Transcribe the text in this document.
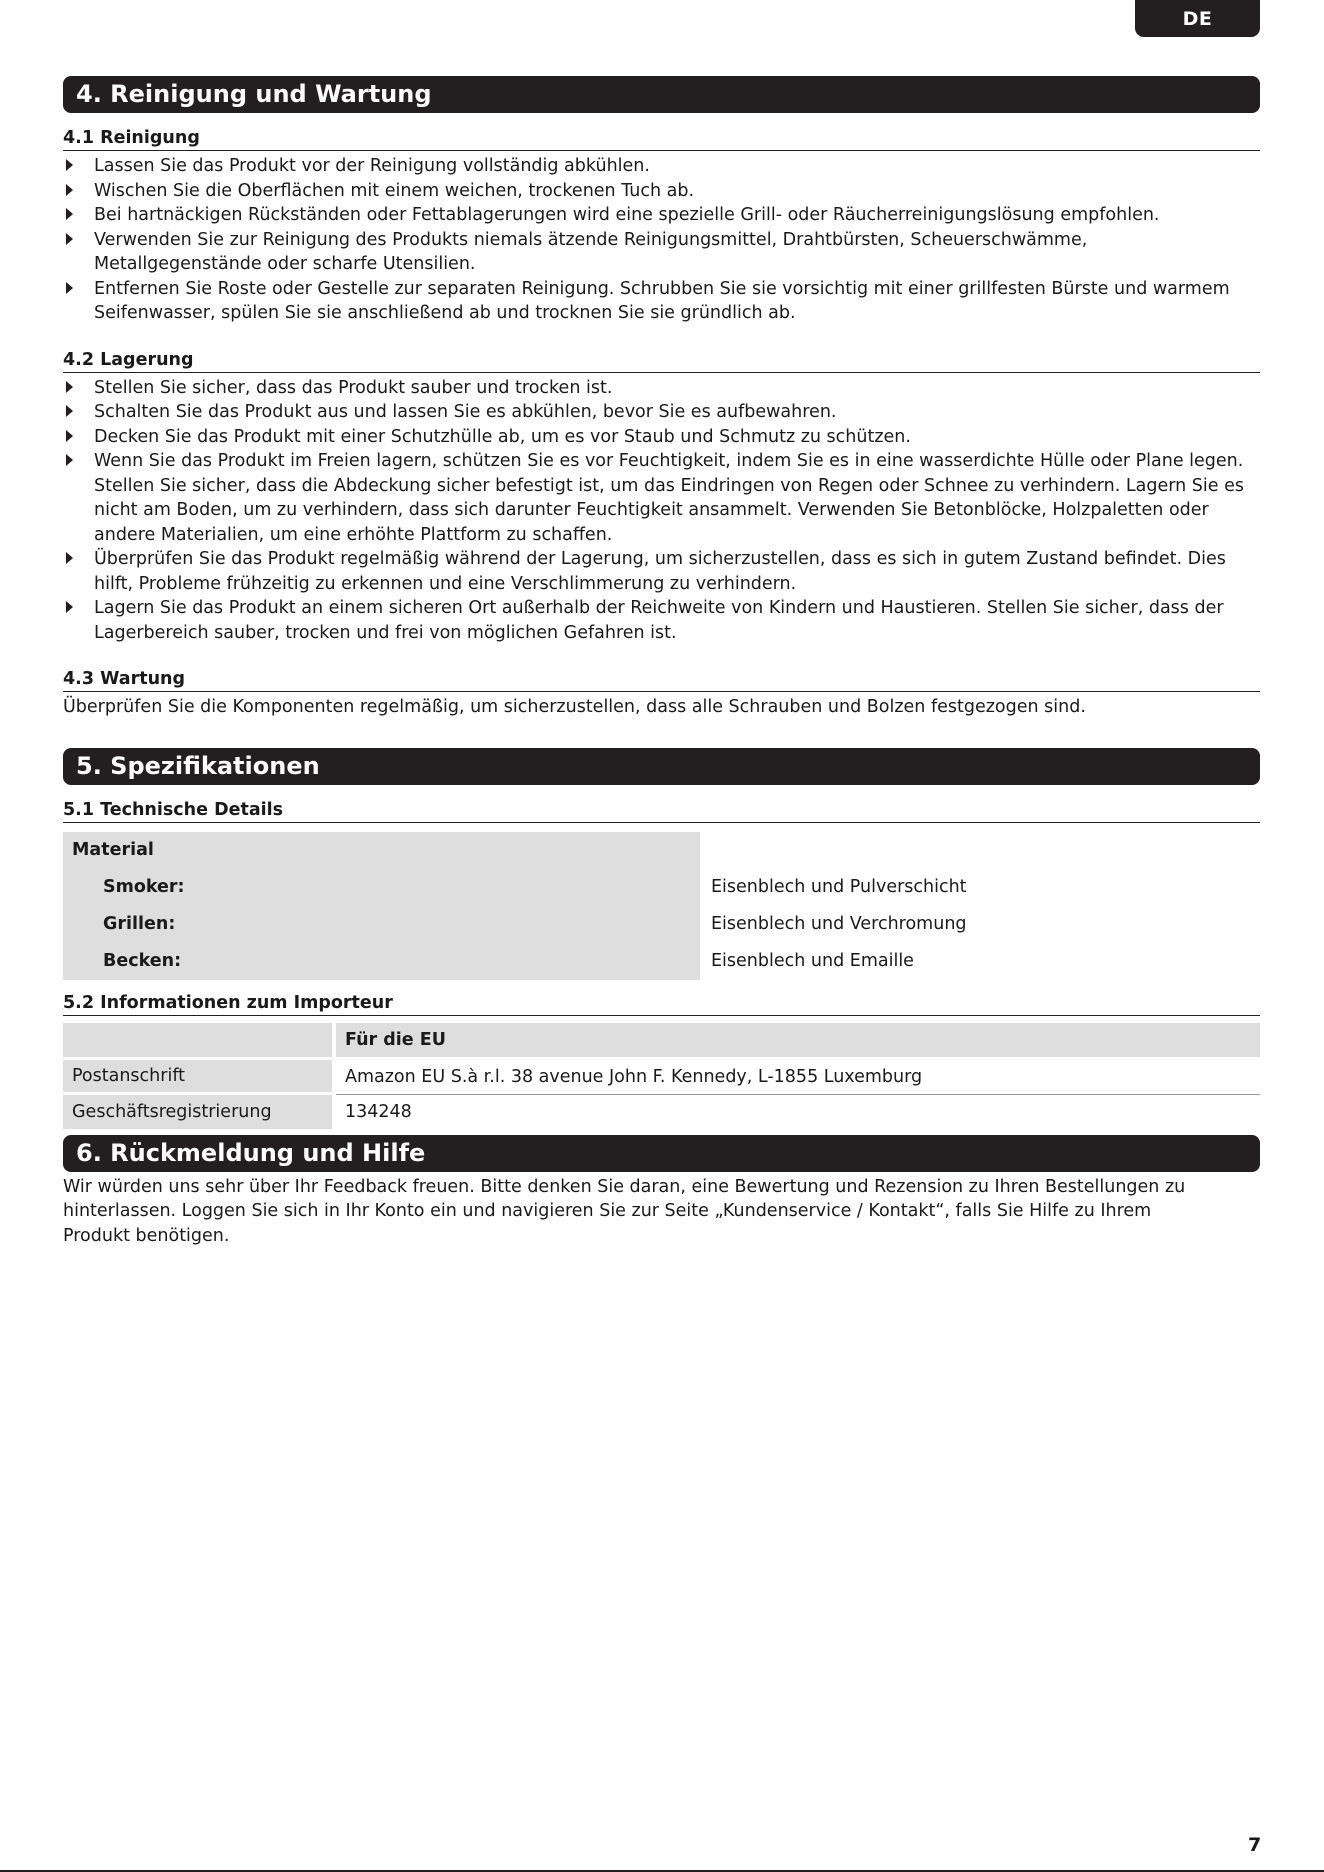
DE
4. Reinigung und Wartung
4.1 Reinigung
Lassen Sie das Produkt vor der Reinigung vollständig abkühlen.
Wischen Sie die Oberflächen mit einem weichen, trockenen Tuch ab.
Bei hartnäckigen Rückständen oder Fettablagerungen wird eine spezielle Grill- oder Räucherreinigungslösung empfohlen.
Verwenden Sie zur Reinigung des Produkts niemals ätzende Reinigungsmittel, Drahtbürsten, Scheuerschwämme, Metallgegenstände oder scharfe Utensilien.
Entfernen Sie Roste oder Gestelle zur separaten Reinigung. Schrubben Sie sie vorsichtig mit einer grillfesten Bürste und warmem Seifenwasser, spülen Sie sie anschließend ab und trocknen Sie sie gründlich ab.
4.2 Lagerung
Stellen Sie sicher, dass das Produkt sauber und trocken ist.
Schalten Sie das Produkt aus und lassen Sie es abkühlen, bevor Sie es aufbewahren.
Decken Sie das Produkt mit einer Schutzhülle ab, um es vor Staub und Schmutz zu schützen.
Wenn Sie das Produkt im Freien lagern, schützen Sie es vor Feuchtigkeit, indem Sie es in eine wasserdichte Hülle oder Plane legen. Stellen Sie sicher, dass die Abdeckung sicher befestigt ist, um das Eindringen von Regen oder Schnee zu verhindern. Lagern Sie es nicht am Boden, um zu verhindern, dass sich darunter Feuchtigkeit ansammelt. Verwenden Sie Betonblöcke, Holzpaletten oder andere Materialien, um eine erhöhte Plattform zu schaffen.
Überprüfen Sie das Produkt regelmäßig während der Lagerung, um sicherzustellen, dass es sich in gutem Zustand befindet. Dies hilft, Probleme frühzeitig zu erkennen und eine Verschlimmerung zu verhindern.
Lagern Sie das Produkt an einem sicheren Ort außerhalb der Reichweite von Kindern und Haustieren. Stellen Sie sicher, dass der Lagerbereich sauber, trocken und frei von möglichen Gefahren ist.
4.3 Wartung

Überprüfen Sie die Komponenten regelmäßig, um sicherzustellen, dass alle Schrauben und Bolzen festgezogen sind.

5. Spezifikationen
5.1 Technische Details
Material	
Smoker:	Eisenblech und Pulverschicht
Grillen:	Eisenblech und Verchromung
Becken:	Eisenblech und Emaille
5.2 Informationen zum Importeur
	Für die EU
Postanschrift	Amazon EU S.à r.l. 38 avenue John F. Kennedy, L-1855 Luxemburg
Geschäftsregistrierung	134248
6. Rückmeldung und Hilfe

Wir würden uns sehr über Ihr Feedback freuen. Bitte denken Sie daran, eine Bewertung und Rezension zu Ihren Bestellungen zu hinterlassen. Loggen Sie sich in Ihr Konto ein und navigieren Sie zur Seite „Kundenservice / Kontakt“, falls Sie Hilfe zu Ihrem Produkt benötigen.

7
